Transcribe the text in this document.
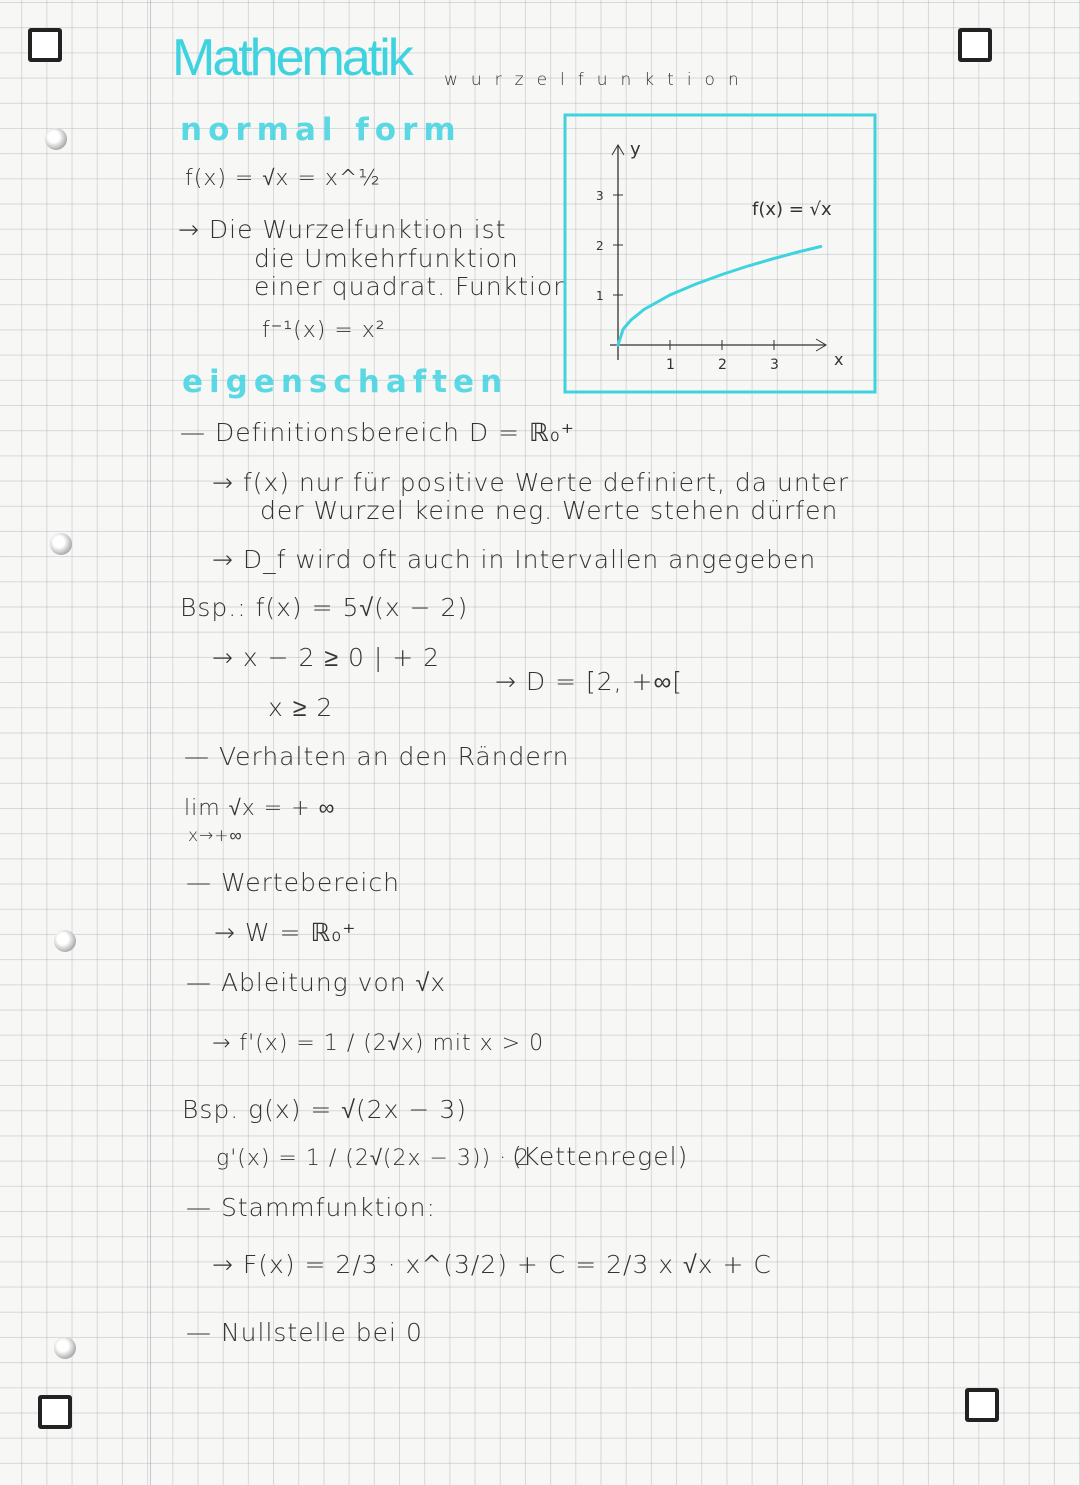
Mathematik wurzelfunktion
normal form
f(x) = √x = x^½
→ Die Wurzelfunktion ist
die Umkehrfunktion
einer quadrat. Funktion
f⁻¹(x) = x²
x
y
1	2	3
1
2
3
f(x) = √x
eigenschaften
— Definitionsbereich D = ℝ₀⁺
→ f(x) nur für positive Werte definiert, da unter
der Wurzel keine neg. Werte stehen dürfen
→ D_f wird oft auch in Intervallen angegeben
Bsp.: f(x) = 5√(x − 2)
→ x − 2 ≥ 0 | + 2
→ D = [2, +∞[
x ≥ 2
— Verhalten an den Rändern
lim √x = + ∞
x→+∞
— Wertebereich
→ W = ℝ₀⁺
— Ableitung von √x
→ f'(x) = 1 / (2√x) mit x > 0
Bsp. g(x) = √(2x − 3)
g'(x) = 1 / (2√(2x − 3)) · 2
(Kettenregel)
— Stammfunktion:
→ F(x) = 2/3 · x^(3/2) + C = 2/3 x √x + C
— Nullstelle bei 0
